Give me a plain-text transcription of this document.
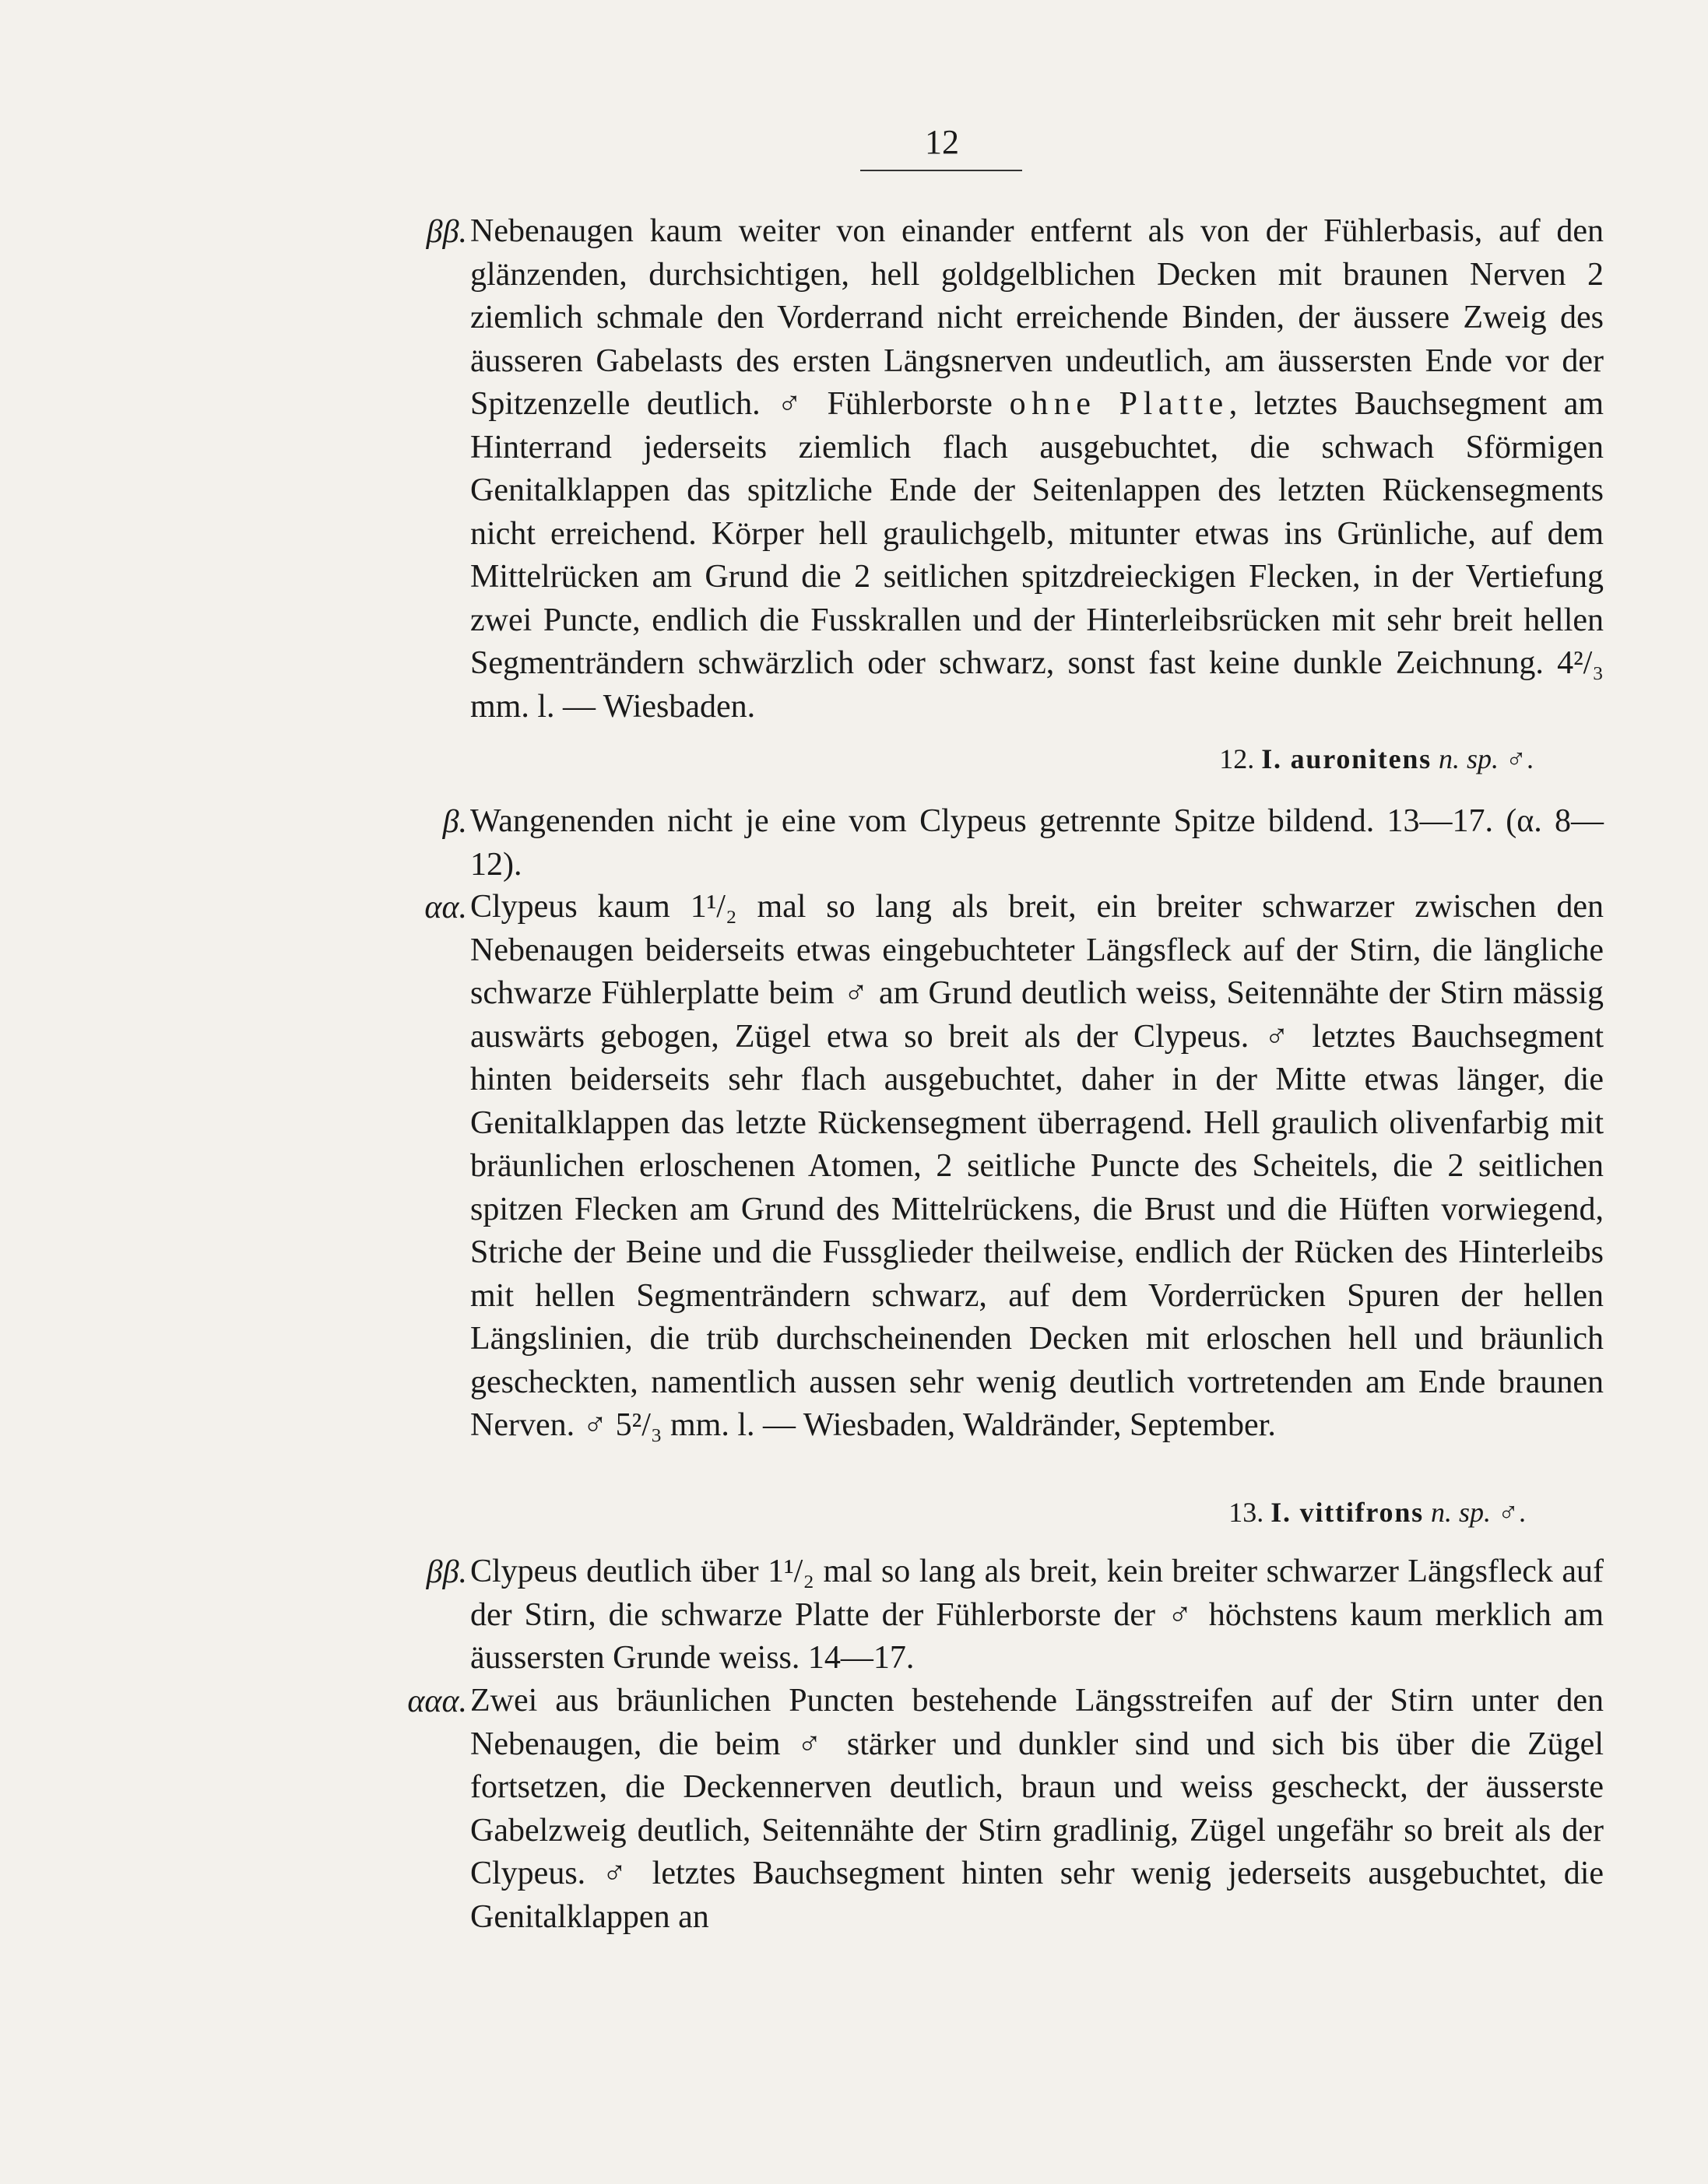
12
ββ. Nebenaugen kaum weiter von einander entfernt als von der Fühlerbasis, auf den glänzenden, durchsichtigen, hell goldgelblichen Decken mit braunen Nerven 2 ziemlich schmale den Vorderrand nicht erreichende Binden, der äussere Zweig des äusseren Gabelasts des ersten Längsnerven undeutlich, am äussersten Ende vor der Spitzenzelle deutlich. ♂ Fühlerborste ohne Platte, letztes Bauchsegment am Hinterrand jederseits ziemlich flach ausgebuchtet, die schwach Sförmigen Genitalklappen das spitzliche Ende der Seitenlappen des letzten Rückensegments nicht erreichend. Körper hell graulichgelb, mitunter etwas ins Grünliche, auf dem Mittelrücken am Grund die 2 seitlichen spitzdreieckigen Flecken, in der Vertiefung zwei Puncte, endlich die Fusskrallen und der Hinterleibsrücken mit sehr breit hellen Segmenträndern schwärzlich oder schwarz, sonst fast keine dunkle Zeichnung. 4²/₃ mm. l. — Wiesbaden.
12. I. auronitens n. sp. ♂.
β. Wangenenden nicht je eine vom Clypeus getrennte Spitze bildend. 13—17. (α. 8—12).
αα. Clypeus kaum 1¹/₂ mal so lang als breit, ein breiter schwarzer zwischen den Nebenaugen beiderseits etwas eingebuchteter Längsfleck auf der Stirn, die längliche schwarze Fühlerplatte beim ♂ am Grund deutlich weiss, Seitennähte der Stirn mässig auswärts gebogen, Zügel etwa so breit als der Clypeus. ♂ letztes Bauchsegment hinten beiderseits sehr flach ausgebuchtet, daher in der Mitte etwas länger, die Genitalklappen das letzte Rückensegment überragend. Hell graulich olivenfarbig mit bräunlichen erloschenen Atomen, 2 seitliche Puncte des Scheitels, die 2 seitlichen spitzen Flecken am Grund des Mittelrückens, die Brust und die Hüften vorwiegend, Striche der Beine und die Fussglieder theilweise, endlich der Rücken des Hinterleibs mit hellen Segmenträndern schwarz, auf dem Vorderrücken Spuren der hellen Längslinien, die trüb durchscheinenden Decken mit erloschen hell und bräunlich gescheckten, namentlich aussen sehr wenig deutlich vortretenden am Ende braunen Nerven. ♂ 5²/₃ mm. l. — Wiesbaden, Waldränder, September.
13. I. vittifrons n. sp. ♂.
ββ. Clypeus deutlich über 1¹/₂ mal so lang als breit, kein breiter schwarzer Längsfleck auf der Stirn, die schwarze Platte der Fühlerborste der ♂ höchstens kaum merklich am äussersten Grunde weiss. 14—17.
ααα. Zwei aus bräunlichen Puncten bestehende Längsstreifen auf der Stirn unter den Nebenaugen, die beim ♂ stärker und dunkler sind und sich bis über die Zügel fortsetzen, die Deckennerven deutlich, braun und weiss gescheckt, der äusserste Gabelzweig deutlich, Seitennähte der Stirn gradlinig, Zügel ungefähr so breit als der Clypeus. ♂ letztes Bauchsegment hinten sehr wenig jederseits ausgebuchtet, die Genitalklappen an
